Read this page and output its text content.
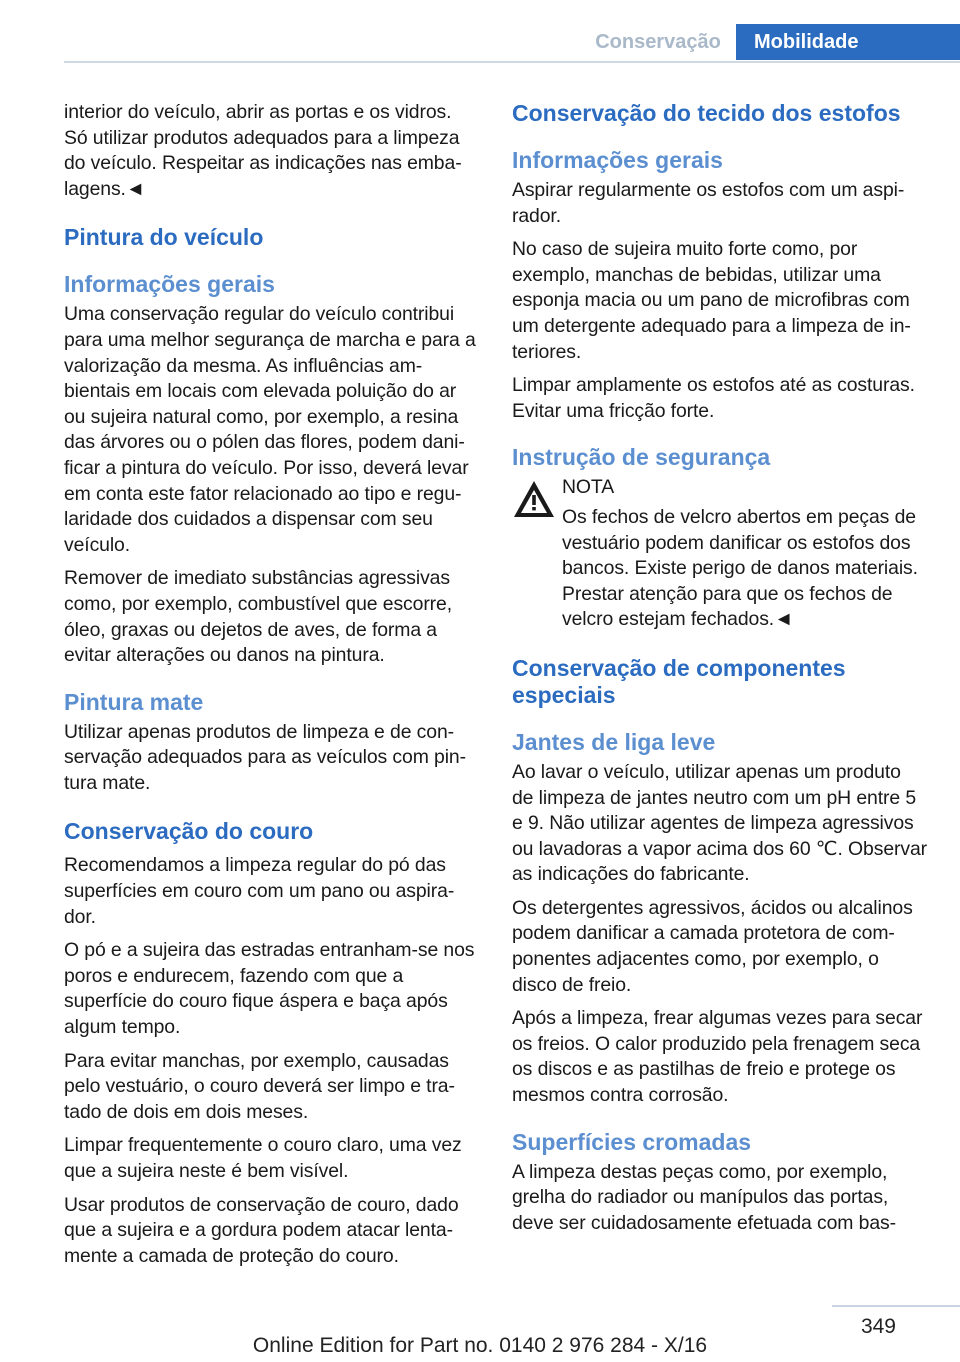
Conservação	Mobilidade

interior do veículo, abrir as portas e os vidros. Só utilizar produtos adequados para a limpeza do veículo. Respeitar as indicações nas embalagens.◄

Pintura do veículo
Informações gerais

Uma conservação regular do veículo contribui para uma melhor segurança de marcha e para a valorização da mesma. As influências ambientais em locais com elevada poluição do ar ou sujeira natural como, por exemplo, a resina das árvores ou o pólen das flores, podem danificar a pintura do veículo. Por isso, deverá levar em conta este fator relacionado ao tipo e regularidade dos cuidados a dispensar com seu veículo.

Remover de imediato substâncias agressivas como, por exemplo, combustível que escorre, óleo, graxas ou dejetos de aves, de forma a evitar alterações ou danos na pintura.

Pintura mate

Utilizar apenas produtos de limpeza e de conservação adequados para as veículos com pintura mate.

Conservação do couro

Recomendamos a limpeza regular do pó das superfícies em couro com um pano ou aspirador.

O pó e a sujeira das estradas entranham-se nos poros e endurecem, fazendo com que a superfície do couro fique áspera e baça após algum tempo.

Para evitar manchas, por exemplo, causadas pelo vestuário, o couro deverá ser limpo e tratado de dois em dois meses.

Limpar frequentemente o couro claro, uma vez que a sujeira neste é bem visível.

Usar produtos de conservação de couro, dado que a sujeira e a gordura podem atacar lentamente a camada de proteção do couro.

Conservação do tecido dos estofos
Informações gerais

Aspirar regularmente os estofos com um aspirador.

No caso de sujeira muito forte como, por exemplo, manchas de bebidas, utilizar uma esponja macia ou um pano de microfibras com um detergente adequado para a limpeza de interiores.

Limpar amplamente os estofos até as costuras. Evitar uma fricção forte.

Instrução de segurança

NOTA

Os fechos de velcro abertos em peças de vestuário podem danificar os estofos dos bancos. Existe perigo de danos materiais. Prestar atenção para que os fechos de velcro estejam fechados.◄

Conservação de componentes especiais
Jantes de liga leve

Ao lavar o veículo, utilizar apenas um produto de limpeza de jantes neutro com um pH entre 5 e 9. Não utilizar agentes de limpeza agressivos ou lavadoras a vapor acima dos 60 ℃. Observar as indicações do fabricante.

Os detergentes agressivos, ácidos ou alcalinos podem danificar a camada protetora de componentes adjacentes como, por exemplo, o disco de freio.

Após a limpeza, frear algumas vezes para secar os freios. O calor produzido pela frenagem seca os discos e as pastilhas de freio e protege os mesmos contra corrosão.

Superfícies cromadas

A limpeza destas peças como, por exemplo, grelha do radiador ou manípulos das portas, deve ser cuidadosamente efetuada com bas-

349
Online Edition for Part no. 0140 2 976 284 - X/16
